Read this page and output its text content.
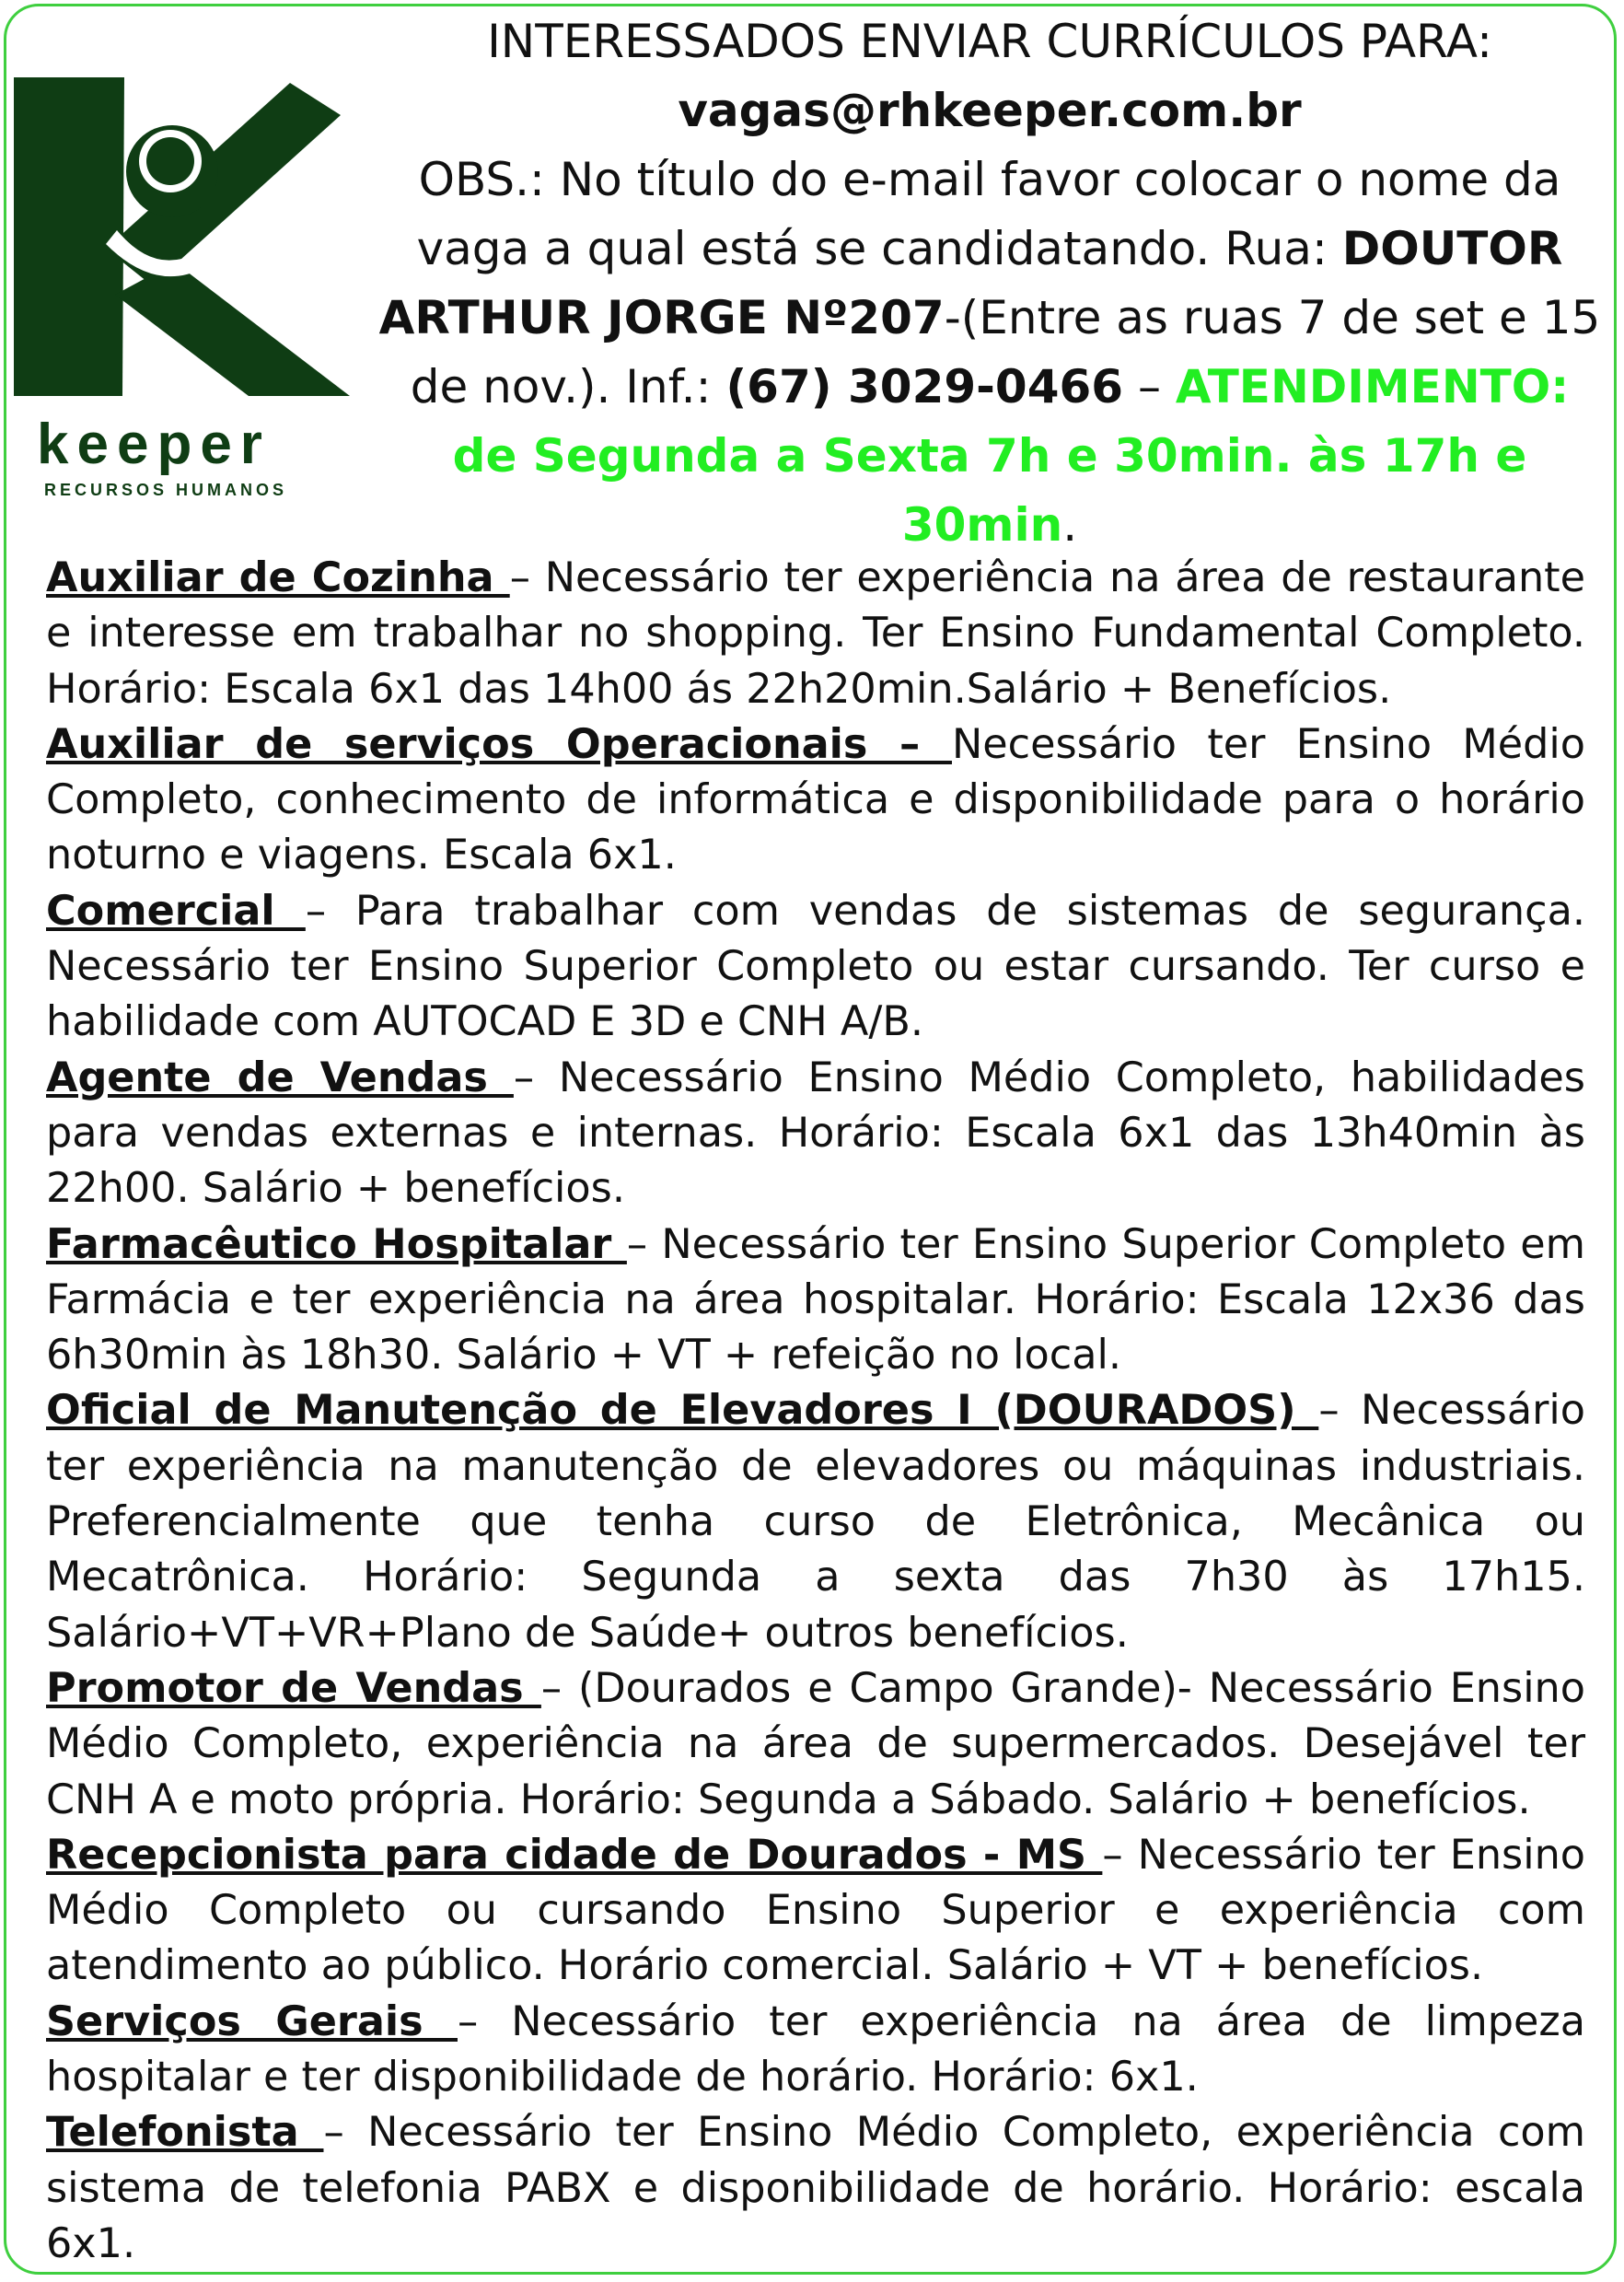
keeper
RECURSOS HUMANOS
INTERESSADOS ENVIAR CURRÍCULOS PARA:
vagas@rhkeeper.com.br
OBS.: No título do e-mail favor colocar o nome da vaga a qual está se candidatando. Rua: DOUTOR ARTHUR JORGE Nº207-(Entre as ruas 7 de set e 15 de nov.). Inf.: (67) 3029-0466 – ATENDIMENTO: de Segunda a Sexta 7h e 30min. às 17h e 30min.

Auxiliar de Cozinha – Necessário ter experiência na área de restaurante e interesse em trabalhar no shopping. Ter Ensino Fundamental Completo. Horário: Escala 6x1 das 14h00 ás 22h20min.Salário + Benefícios.

Auxiliar de serviços Operacionais – Necessário ter Ensino Médio Completo, conhecimento de informática e disponibilidade para o horário noturno e viagens. Escala 6x1.

Comercial – Para trabalhar com vendas de sistemas de segurança. Necessário ter Ensino Superior Completo ou estar cursando. Ter curso e habilidade com AUTOCAD E 3D e CNH A/B.

Agente de Vendas – Necessário Ensino Médio Completo, habilidades para vendas externas e internas. Horário: Escala 6x1 das 13h40min às 22h00. Salário + benefícios.

Farmacêutico Hospitalar – Necessário ter Ensino Superior Completo em Farmácia e ter experiência na área hospitalar. Horário: Escala 12x36 das 6h30min às 18h30. Salário + VT + refeição no local.

Oficial de Manutenção de Elevadores I (DOURADOS) – Necessário ter experiência na manutenção de elevadores ou máquinas industriais. Preferencialmente que tenha curso de Eletrônica, Mecânica ou Mecatrônica. Horário: Segunda a sexta das 7h30 às 17h15. Salário+VT+VR+Plano de Saúde+ outros benefícios.

Promotor de Vendas – (Dourados e Campo Grande)- Necessário Ensino Médio Completo, experiência na área de supermercados. Desejável ter CNH A e moto própria. Horário: Segunda a Sábado. Salário + benefícios.

Recepcionista para cidade de Dourados - MS – Necessário ter Ensino Médio Completo ou cursando Ensino Superior e experiência com atendimento ao público. Horário comercial. Salário + VT + benefícios.

Serviços Gerais – Necessário ter experiência na área de limpeza hospitalar e ter disponibilidade de horário. Horário: 6x1.

Telefonista – Necessário ter Ensino Médio Completo, experiência com sistema de telefonia PABX e disponibilidade de horário. Horário: escala 6x1.
